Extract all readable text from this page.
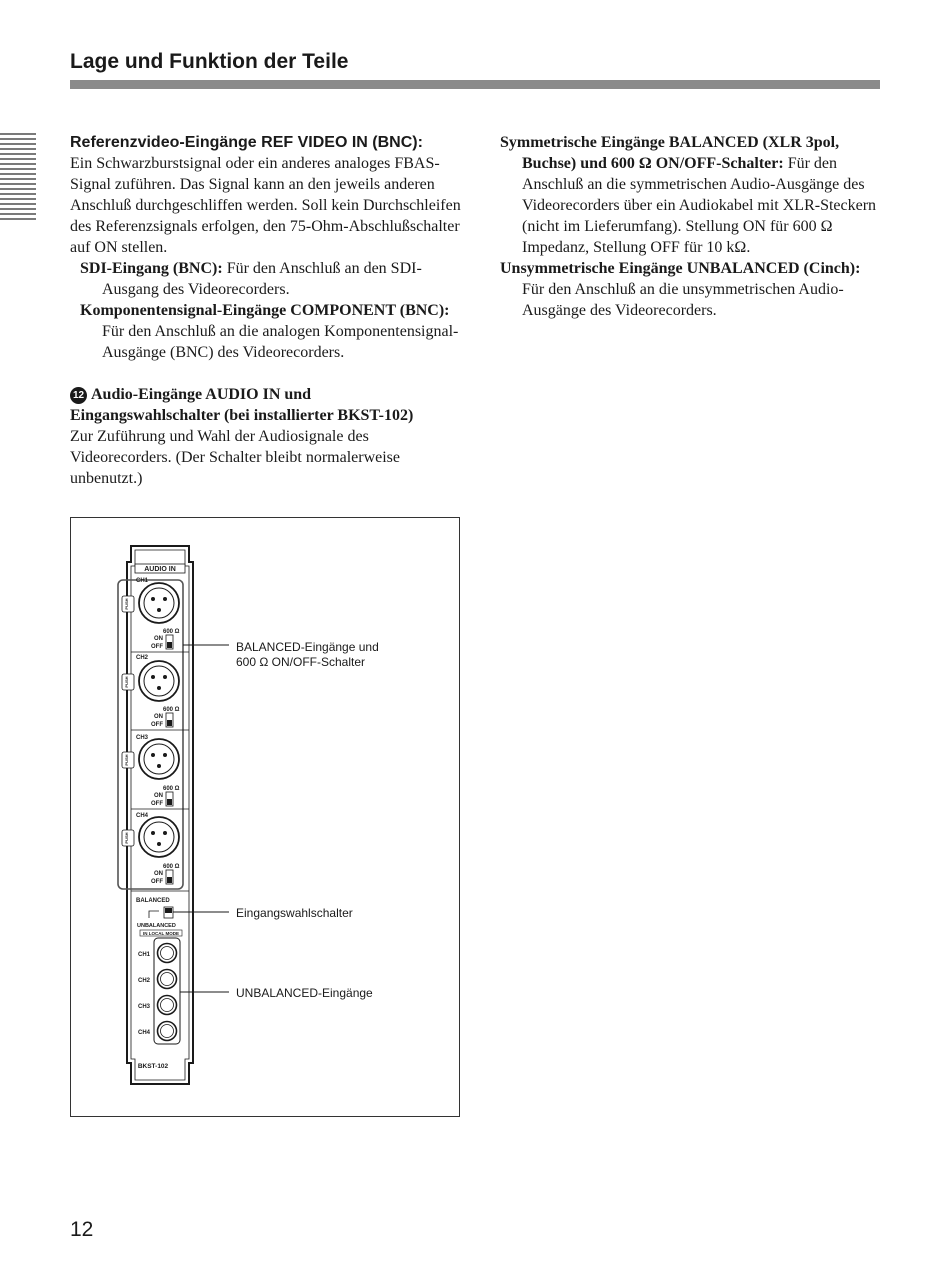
Lage und Funktion der Teile

Referenzvideo-Eingänge REF VIDEO IN (BNC):

Ein Schwarzburstsignal oder ein anderes analoges FBAS-Signal zuführen. Das Signal kann an den jeweils anderen Anschluß durchgeschliffen werden. Soll kein Durchschleifen des Referenzsignals erfolgen, den 75-Ohm-Abschlußschalter auf ON stellen.

SDI-Eingang (BNC): Für den Anschluß an den SDI-Ausgang des Videorecorders.

Komponentensignal-Eingänge COMPONENT (BNC): Für den Anschluß an die analogen Komponentensignal-Ausgänge (BNC) des Videorecorders.

12 Audio-Eingänge AUDIO IN und Eingangswahlschalter (bei installierter BKST-102)

Zur Zuführung und Wahl der Audiosignale des Videorecorders. (Der Schalter bleibt normalerweise unbenutzt.)

Symmetrische Eingänge BALANCED (XLR 3pol, Buchse) und 600 Ω ON/OFF-Schalter: Für den Anschluß an die symmetrischen Audio-Ausgänge des Videorecorders über ein Audiokabel mit XLR-Steckern (nicht im Lieferumfang). Stellung ON für 600 Ω Impedanz, Stellung OFF für 10 kΩ.

Unsymmetrische Eingänge UNBALANCED (Cinch): Für den Anschluß an die unsymmetrischen Audio-Ausgänge des Videorecorders.

AUDIO IN
CH1
PUSH
600 Ω
ON
OFF
CH2
PUSH
600 Ω
ON
OFF
CH3
PUSH
600 Ω
ON
OFF
CH4
PUSH
600 Ω
ON
OFF
BALANCED
UNBALANCED
IN LOCAL MODE
CH1
CH2
CH3
CH4
BKST-102
BALANCED-Eingänge und
600 Ω ON/OFF-Schalter
Eingangswahlschalter
UNBALANCED-Eingänge
12
